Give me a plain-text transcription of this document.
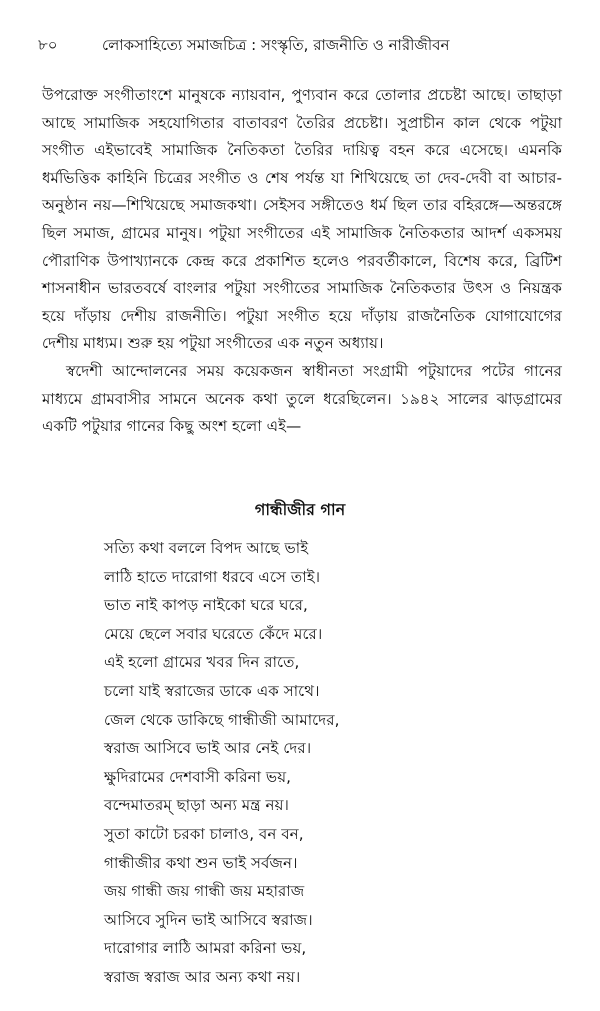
৮০	লোকসাহিত্যে সমাজচিত্র : সংস্কৃতি, রাজনীতি ও নারীজীবন

উপরোক্ত সংগীতাংশে মানুষকে ন্যায়বান, পুণ্যবান করে তোলার প্রচেষ্টা আছে। তাছাড়া আছে সামাজিক সহযোগিতার বাতাবরণ তৈরির প্রচেষ্টা। সুপ্রাচীন কাল থেকে পটুয়া সংগীত এইভাবেই সামাজিক নৈতিকতা তৈরির দায়িত্ব বহন করে এসেছে। এমনকি ধর্মভিত্তিক কাহিনি চিত্রের সংগীত ও শেষ পর্যন্ত যা শিখিয়েছে তা দেব-দেবী বা আচার-অনুষ্ঠান নয়—শিখিয়েছে সমাজকথা। সেইসব সঙ্গীতেও ধর্ম ছিল তার বহিরঙ্গে—অন্তরঙ্গে ছিল সমাজ, গ্রামের মানুষ। পটুয়া সংগীতের এই সামাজিক নৈতিকতার আদর্শ একসময় পৌরাণিক উপাখ্যানকে কেন্দ্র করে প্রকাশিত হলেও পরবর্তীকালে, বিশেষ করে, ব্রিটিশ শাসনাধীন ভারতবর্ষে বাংলার পটুয়া সংগীতের সামাজিক নৈতিকতার উৎস ও নিয়ন্ত্রক হয়ে দাঁড়ায় দেশীয় রাজনীতি। পটুয়া সংগীত হয়ে দাঁড়ায় রাজনৈতিক যোগাযোগের দেশীয় মাধ্যম। শুরু হয় পটুয়া সংগীতের এক নতুন অধ্যায়।

স্বদেশী আন্দোলনের সময় কয়েকজন স্বাধীনতা সংগ্রামী পটুয়াদের পটের গানের মাধ্যমে গ্রামবাসীর সামনে অনেক কথা তুলে ধরেছিলেন। ১৯৪২ সালের ঝাড়গ্রামের একটি পটুয়ার গানের কিছু অংশ হলো এই—

গান্ধীজীর গান
সত্যি কথা বললে বিপদ আছে ভাই
লাঠি হাতে দারোগা ধরবে এসে তাই।
ভাত নাই কাপড় নাইকো ঘরে ঘরে,
মেয়ে ছেলে সবার ঘরেতে কেঁদে মরে।
এই হলো গ্রামের খবর দিন রাতে,
চলো যাই স্বরাজের ডাকে এক সাথে।
জেল থেকে ডাকিছে গান্ধীজী আমাদের,
স্বরাজ আসিবে ভাই আর নেই দের।
ক্ষুদিরামের দেশবাসী করিনা ভয়,
বন্দেমাতরম্‌ ছাড়া অন্য মন্ত্র নয়।
সুতা কাটো চরকা চালাও, বন বন,
গান্ধীজীর কথা শুন ভাই সর্বজন।
জয় গান্ধী জয় গান্ধী জয় মহারাজ
আসিবে সুদিন ভাই আসিবে স্বরাজ।
দারোগার লাঠি আমরা করিনা ভয়,
স্বরাজ স্বরাজ আর অন্য কথা নয়।
